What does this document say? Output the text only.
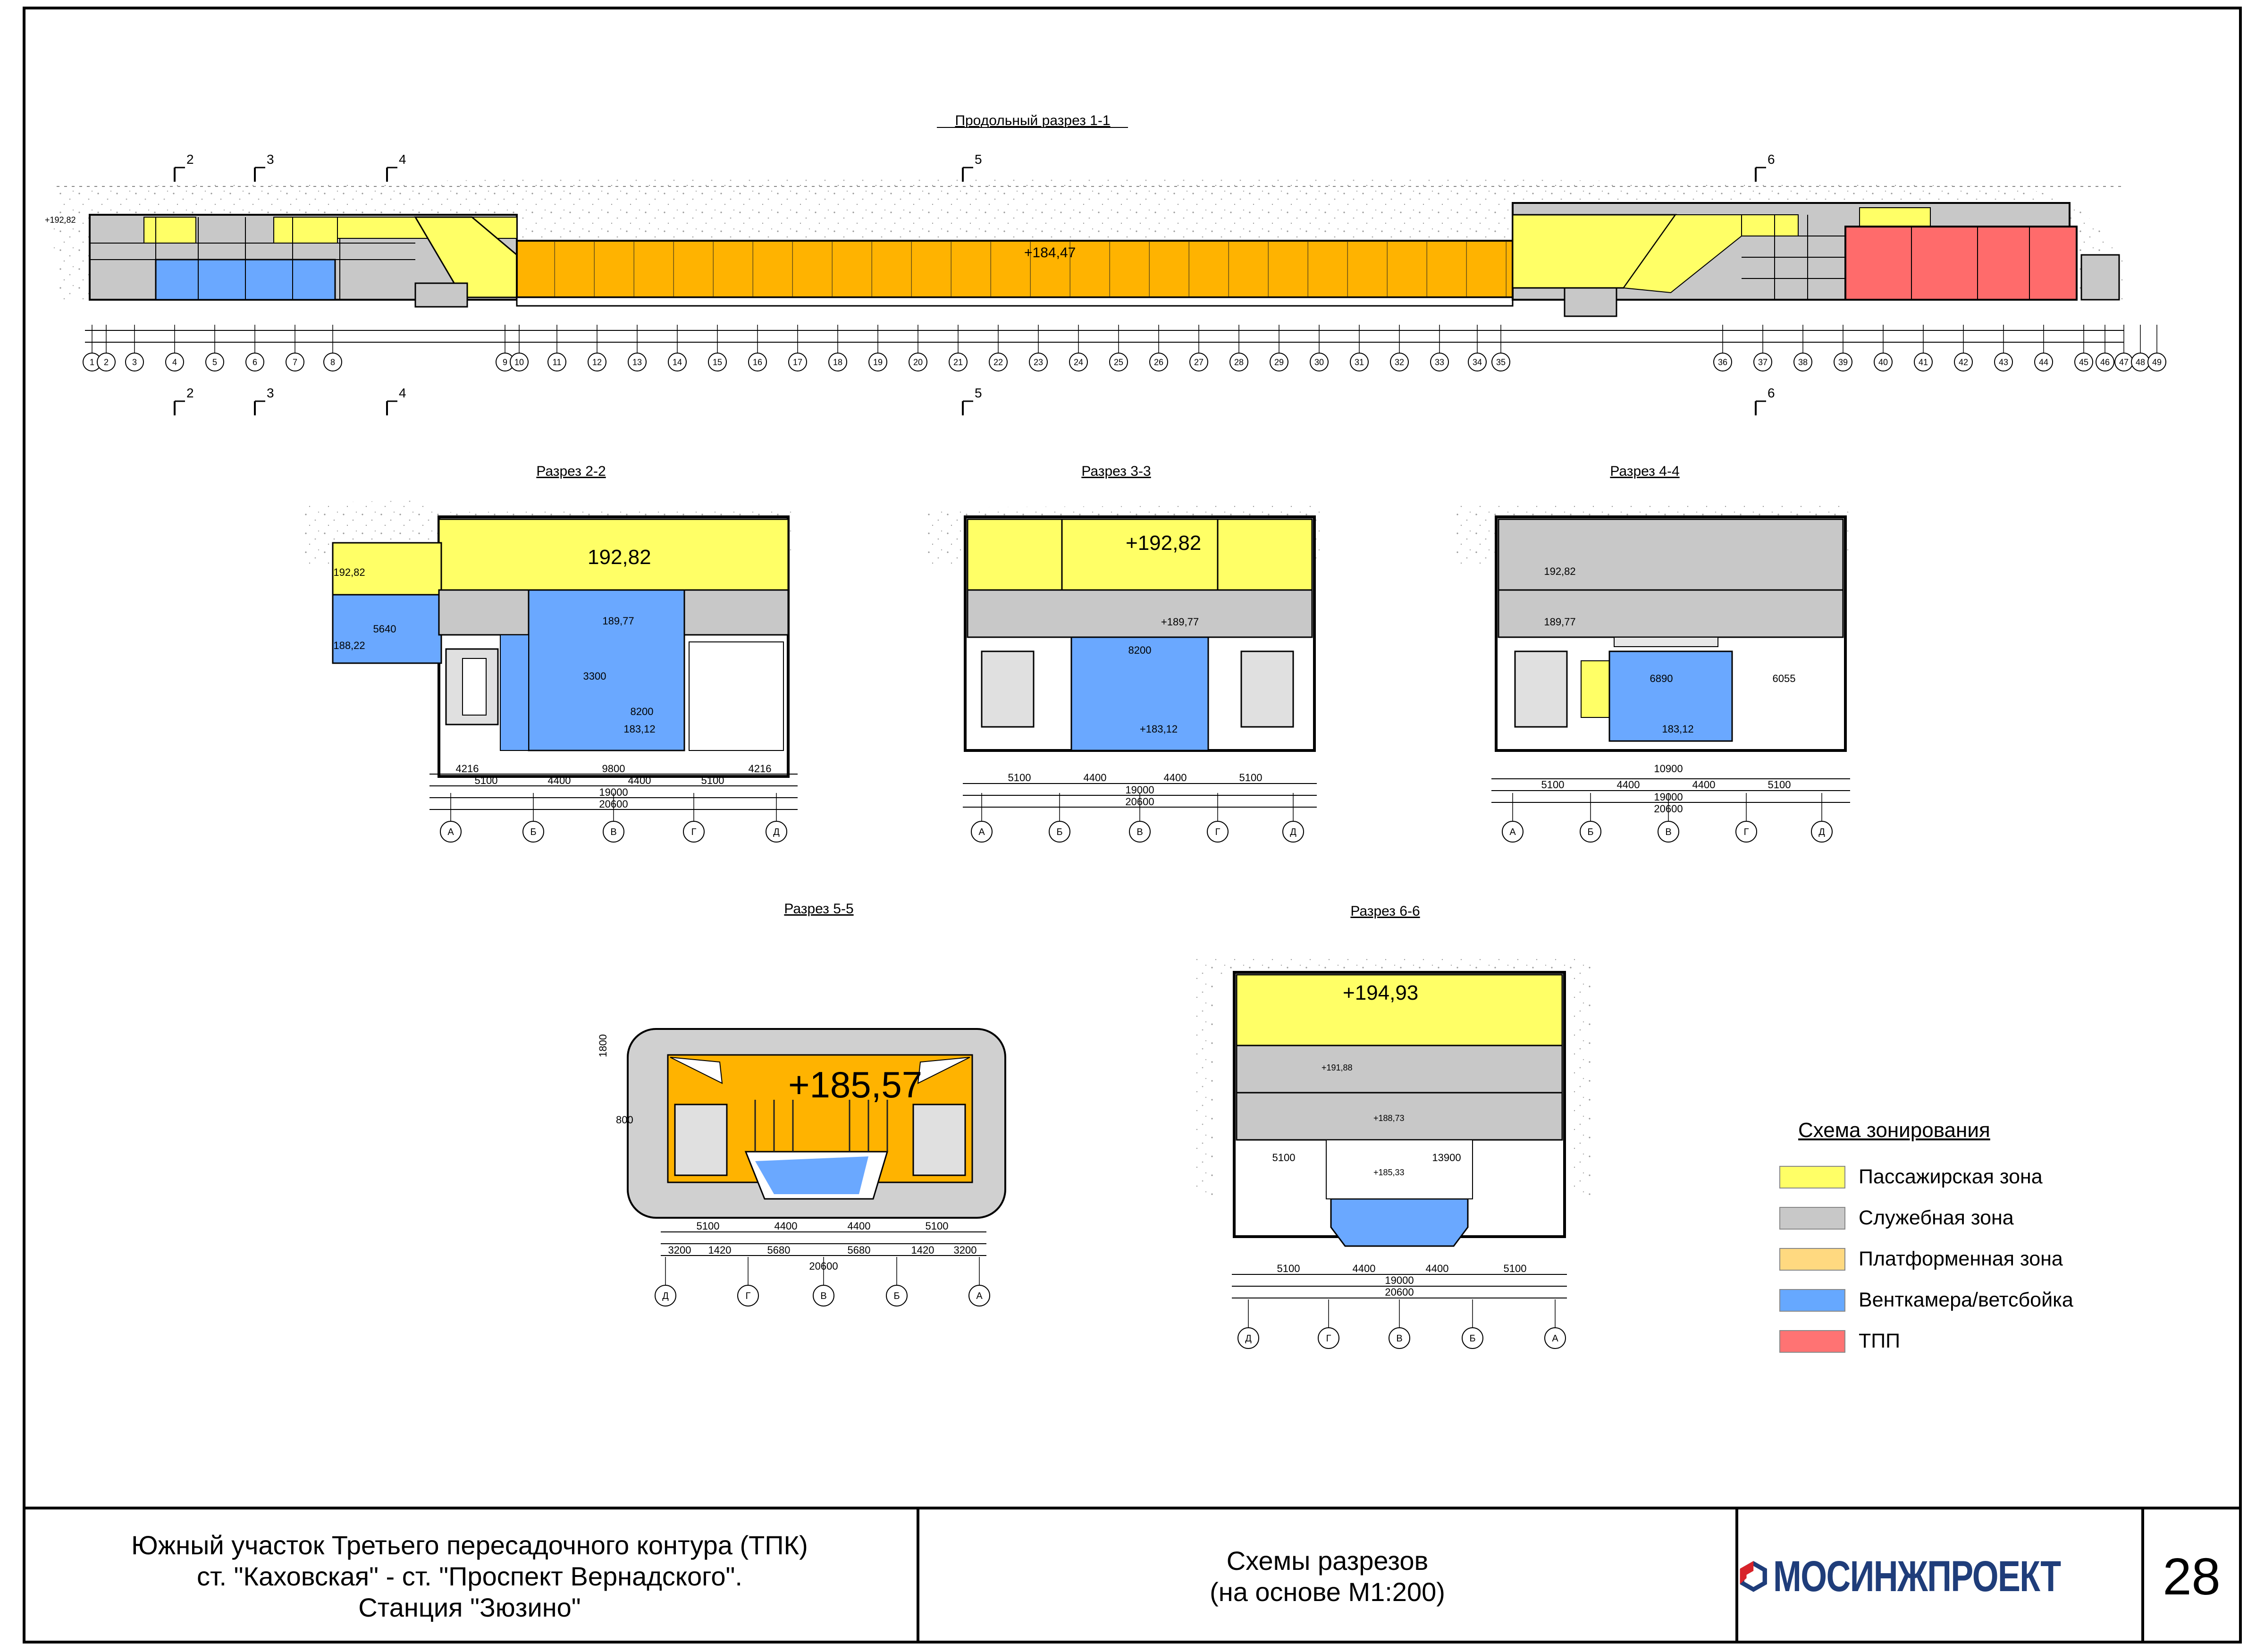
Продольный разрез 1-1
+184,47
+192,82
1 2	3	4	5	6	7	8	9 10	11	12	13	14	15	16	17	18	19	20	21	22	23	24	25	26	27	28	29	30	31	32	33	34 35	36	37	38	39	40	41	42	43	44	45 46 47 48 49
2
2
3
3
4
4
5
5
6
6
Разрез 2-2
192,82
5100	4400	4400	5100
19000
20600
4216	9800	4216
188,22
192,82
5640
3300
8200
183,12
189,77
А	Б	В	Г	Д
Разрез 3-3
+192,82
5100	4400	4400	5100
19000
20600
8200
+183,12
+189,77
А	Б	В	Г	Д
Разрез 4-4
5100	4400	4400	5100
19000
20600
6890	6055
183,12
192,82
189,77
10900
А	Б	В	Г	Д
Разрез 5-5
+185,57
1800
800
5100	4400	4400	5100
3200 1420	5680	5680	1420 3200
20600
Д	Г	В	Б	А
Разрез 6-6
+194,93
+191,88
+188,73
+185,33
5100	4400	4400	5100
19000
20600
5100	13900
Д	Г	В	Б	А
Схема зонирования
Пассажирская зона
Служебная зона
Платформенная зона
Венткамера/ветсбойка
ТПП
Южный участок Третьего пересадочного контура (ТПК)
ст. "Каховская" - ст. "Проспект Вернадского".
Станция "Зюзино"
Схемы разрезов
(на основе М1:200)	МОСИНЖПРОЕКТ	28
